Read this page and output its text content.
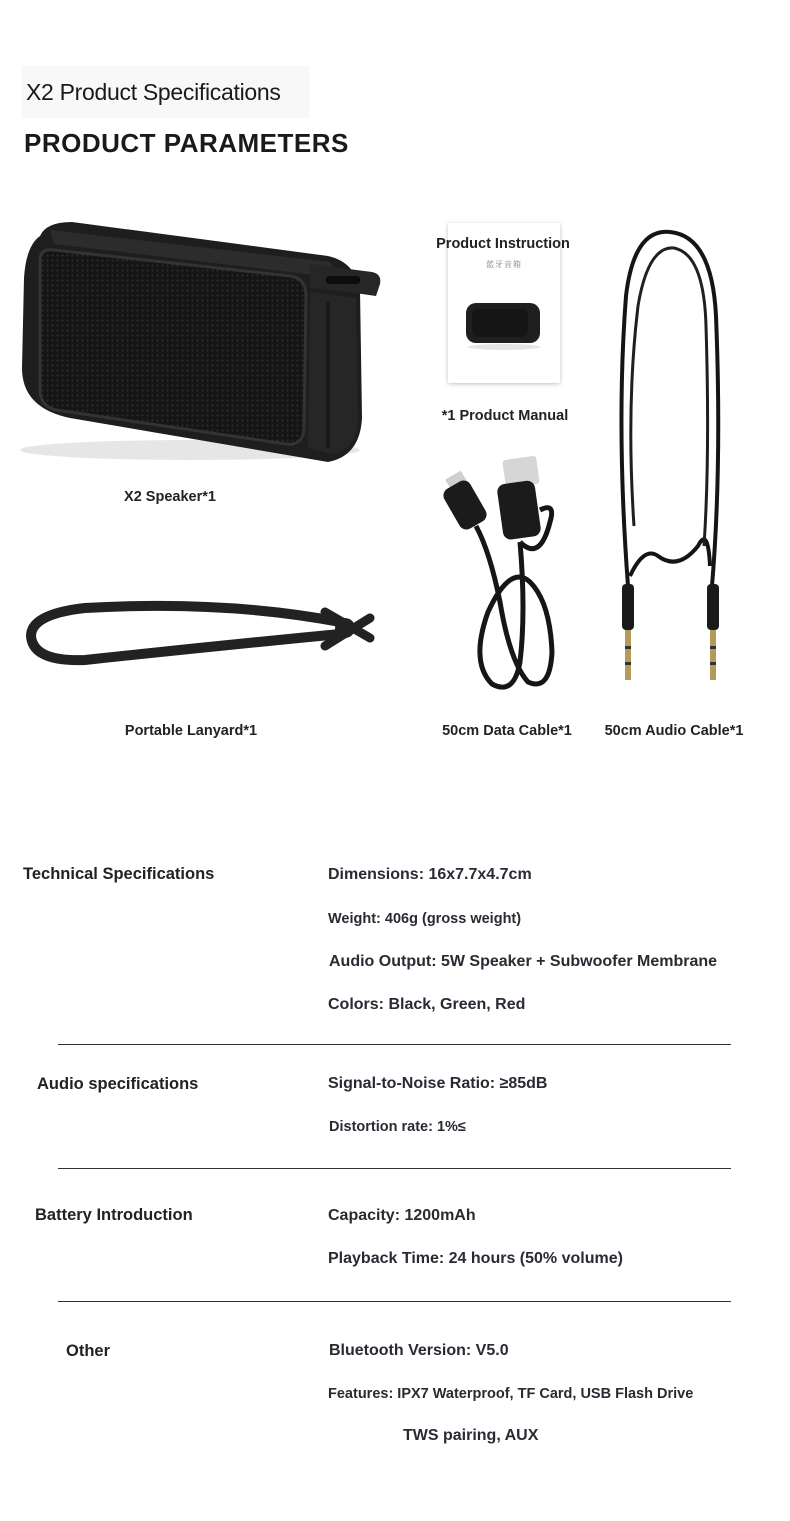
X2 Product Specifications
PRODUCT PARAMETERS
X2 Speaker*1
蓝牙音箱
Product Instruction
*1 Product Manual
Portable Lanyard*1	50cm Data Cable*1	50cm Audio Cable*1
Technical Specifications	Dimensions: 16x7.7x4.7cm
Weight: 406g (gross weight)
Audio Output: 5W Speaker + Subwoofer Membrane
Colors: Black, Green, Red
Audio specifications	Signal-to-Noise Ratio: ≥85dB
Distortion rate: 1%≤
Battery Introduction	Capacity: 1200mAh
Playback Time: 24 hours (50% volume)
Other	Bluetooth Version: V5.0
Features: IPX7 Waterproof, TF Card, USB Flash Drive
TWS pairing, AUX
